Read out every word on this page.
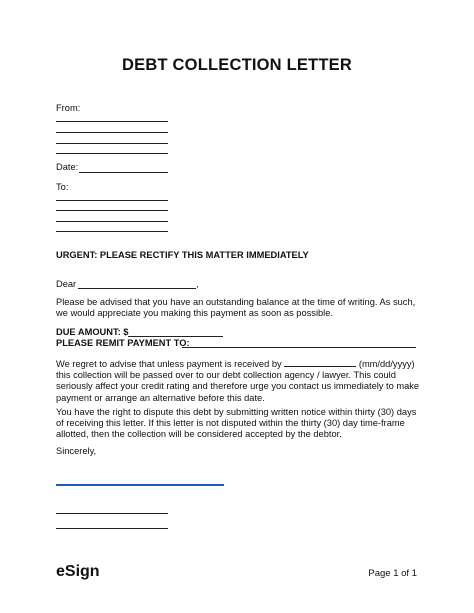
DEBT COLLECTION LETTER
From:
Date:
To:
URGENT: PLEASE RECTIFY THIS MATTER IMMEDIATELY
Dear	,

Please be advised that you have an outstanding balance at the time of writing. As such, we would appreciate you making this payment as soon as possible.

DUE AMOUNT: $
PLEASE REMIT PAYMENT TO:

We regret to advise that unless payment is received by	(mm/dd/yyyy) this collection will be passed over to our debt collection agency / lawyer. This could seriously affect your credit rating and therefore urge you contact us immediately to make payment or arrange an alternative before this date.

You have the right to dispute this debt by submitting written notice within thirty (30) days of receiving this letter. If this letter is not disputed within the thirty (30) day time-frame allotted, then the collection will be considered accepted by the debtor.

Sincerely,
eSign	Page 1 of 1
